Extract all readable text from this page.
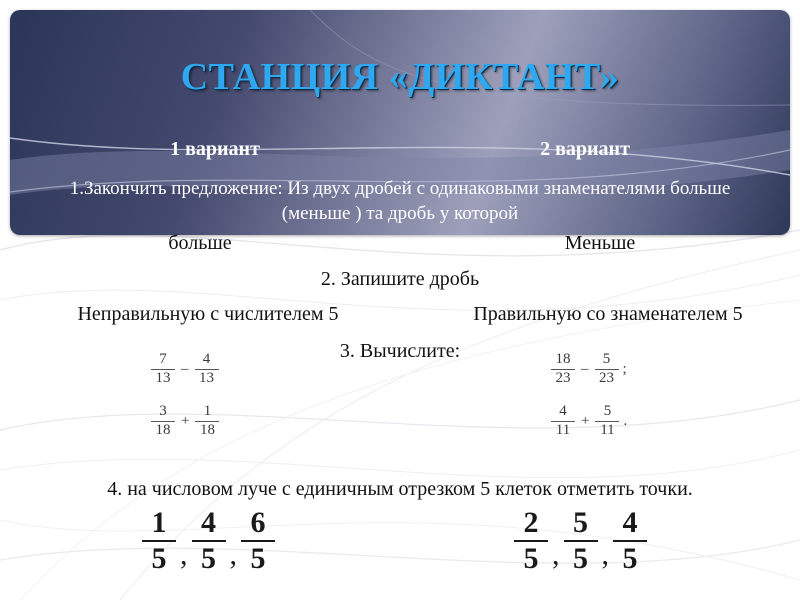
СТАНЦИЯ «ДИКТАНТ»
1 вариант	2 вариант
1.Закончить предложение: Из двух дробей с одинаковыми знаменателями больше (меньше ) та дробь у которой
больше	Меньше
2. Запишите дробь
Неправильную с числителем 5	Правильную со знаменателем 5
3. Вычислите:
$\frac{7}{13} - \frac{4}{13}$
$\frac{3}{18} + \frac{1}{18}$
$\frac{18}{23} - \frac{5}{23}$ ;
$\frac{4}{11} + \frac{5}{11}$ .
4. на числовом луче с единичным отрезком 5 клеток отметить точки.
1
5 ,
4
5 ,
6
5
2
5 ,
5
5 ,
4
5
